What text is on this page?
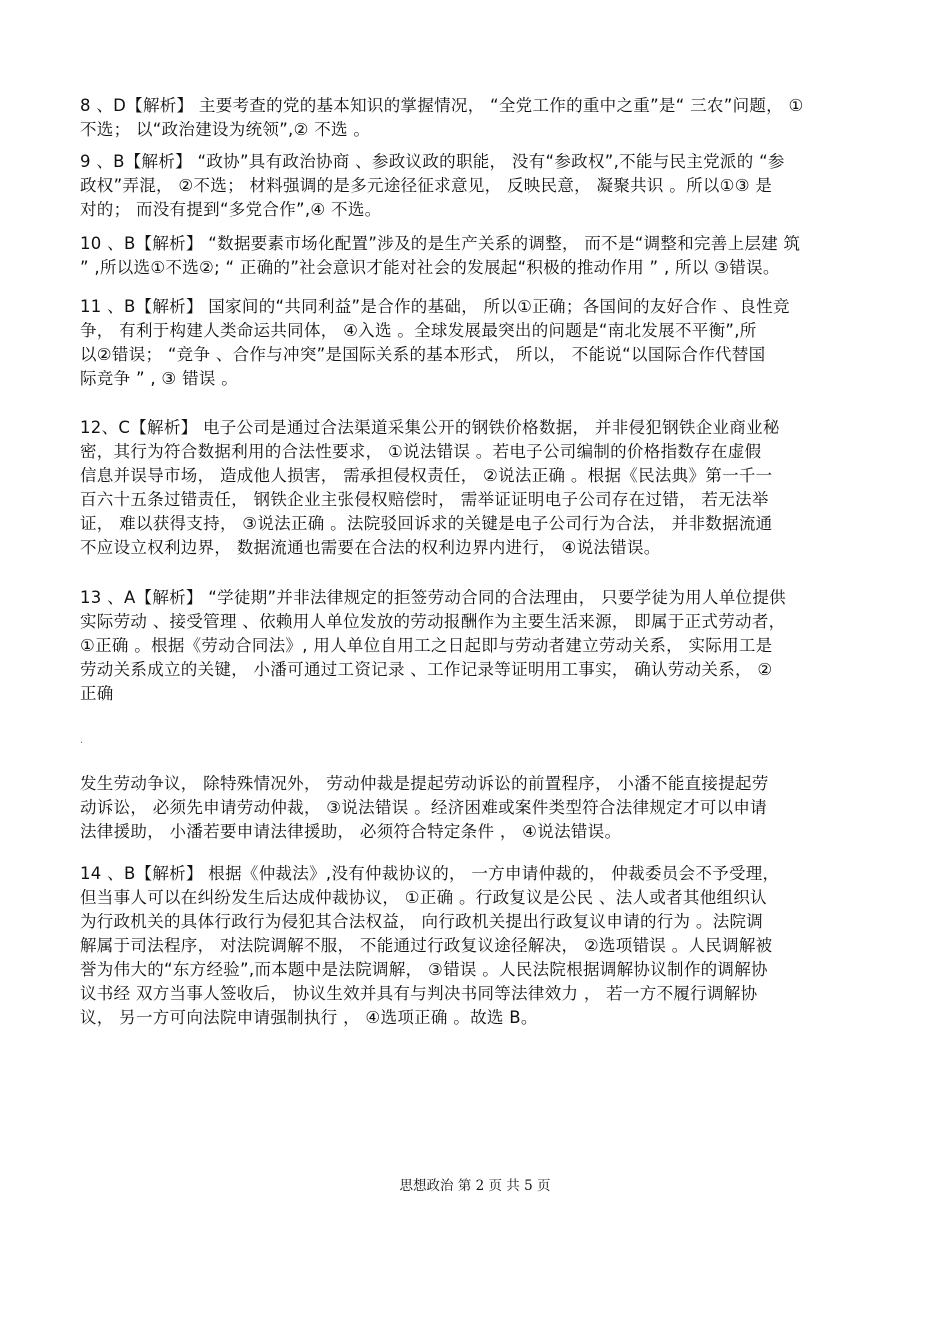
8 、D【解析】 主要考查的党的基本知识的掌握情况， “全党工作的重中之重”是“ 三农”问题， ①
不选； 以“政治建设为统领”,② 不选 。
9 、B【解析】 “政协”具有政治协商 、参政议政的职能， 没有“参政权”,不能与民主党派的 “参
政权”弄混， ②不选； 材料强调的是多元途径征求意见， 反映民意， 凝聚共识 。所以①③ 是
对的； 而没有提到“多党合作”,④ 不选。
10 、B【解析】 “数据要素市场化配置”涉及的是生产关系的调整， 而不是“调整和完善上层建 筑
” ,所以选①不选②; “ 正确的”社会意识才能对社会的发展起“积极的推动作用 ” , 所以 ③错误。
11 、B【解析】 国家间的“共同利益”是合作的基础， 所以①正确；各国间的友好合作 、良性竞
争， 有利于构建人类命运共同体， ④入选 。全球发展最突出的问题是“南北发展不平衡”,所
以②错误； “竞争 、合作与冲突”是国际关系的基本形式， 所以， 不能说“以国际合作代替国
际竞争 ” , ③ 错误 。
12、C【解析】 电子公司是通过合法渠道采集公开的钢铁价格数据， 并非侵犯钢铁企业商业秘
密，其行为符合数据利用的合法性要求， ①说法错误 。若电子公司编制的价格指数存在虚假
信息并误导市场， 造成他人损害， 需承担侵权责任， ②说法正确 。根据《民法典》第一千一
百六十五条过错责任， 钢铁企业主张侵权赔偿时， 需举证证明电子公司存在过错， 若无法举
证， 难以获得支持， ③说法正确 。法院驳回诉求的关键是电子公司行为合法， 并非数据流通
不应设立权利边界， 数据流通也需要在合法的权利边界内进行， ④说法错误。
13 、A【解析】 “学徒期”并非法律规定的拒签劳动合同的合法理由， 只要学徒为用人单位提供
实际劳动 、接受管理 、依赖用人单位发放的劳动报酬作为主要生活来源， 即属于正式劳动者，
①正确 。根据《劳动合同法》, 用人单位自用工之日起即与劳动者建立劳动关系， 实际用工是
劳动关系成立的关键， 小潘可通过工资记录 、工作记录等证明用工事实， 确认劳动关系， ②
正确
.
发生劳动争议， 除特殊情况外， 劳动仲裁是提起劳动诉讼的前置程序， 小潘不能直接提起劳
动诉讼， 必须先申请劳动仲裁， ③说法错误 。经济困难或案件类型符合法律规定才可以申请
法律援助， 小潘若要申请法律援助， 必须符合特定条件 ， ④说法错误。
14 、B【解析】 根据《仲裁法》,没有仲裁协议的， 一方申请仲裁的， 仲裁委员会不予受理，
但当事人可以在纠纷发生后达成仲裁协议， ①正确 。行政复议是公民 、法人或者其他组织认
为行政机关的具体行政行为侵犯其合法权益， 向行政机关提出行政复议申请的行为 。法院调
解属于司法程序， 对法院调解不服， 不能通过行政复议途径解决， ②选项错误 。人民调解被
誉为伟大的“东方经验”,而本题中是法院调解， ③错误 。人民法院根据调解协议制作的调解协
议书经 双方当事人签收后， 协议生效并具有与判决书同等法律效力 ， 若一方不履行调解协
议， 另一方可向法院申请强制执行 ， ④选项正确 。故选 B。
思想政治 第 2 页 共 5 页
